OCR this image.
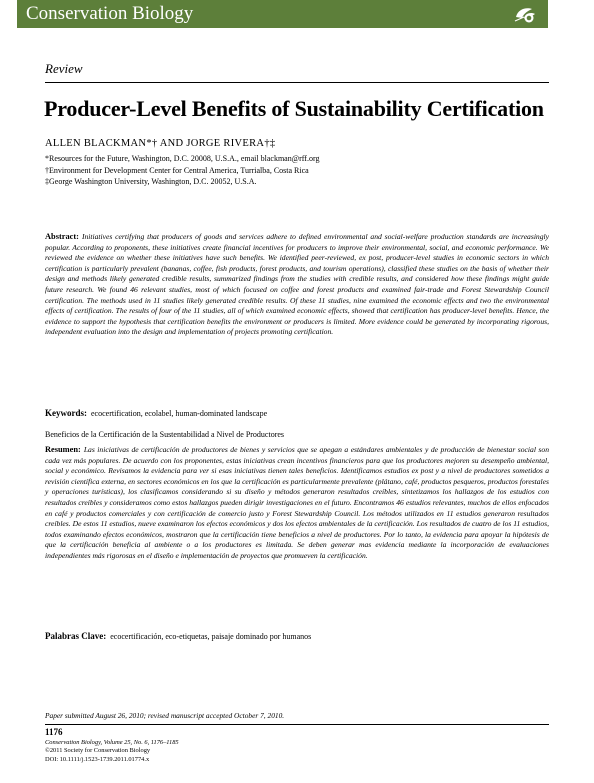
Conservation Biology
Review
Producer-Level Benefits of Sustainability Certification
ALLEN BLACKMAN*† AND JORGE RIVERA†‡
*Resources for the Future, Washington, D.C. 20008, U.S.A., email blackman@rff.org
†Environment for Development Center for Central America, Turrialba, Costa Rica
‡George Washington University, Washington, D.C. 20052, U.S.A.
Abstract: Initiatives certifying that producers of goods and services adhere to defined environmental and social-welfare production standards are increasingly popular. According to proponents, these initiatives create financial incentives for producers to improve their environmental, social, and economic performance. We reviewed the evidence on whether these initiatives have such benefits. We identified peer-reviewed, ex post, producer-level studies in economic sectors in which certification is particularly prevalent (bananas, coffee, fish products, forest products, and tourism operations), classified these studies on the basis of whether their design and methods likely generated credible results, summarized findings from the studies with credible results, and considered how these findings might guide future research. We found 46 relevant studies, most of which focused on coffee and forest products and examined fair-trade and Forest Stewardship Council certification. The methods used in 11 studies likely generated credible results. Of these 11 studies, nine examined the economic effects and two the environmental effects of certification. The results of four of the 11 studies, all of which examined economic effects, showed that certification has producer-level benefits. Hence, the evidence to support the hypothesis that certification benefits the environment or producers is limited. More evidence could be generated by incorporating rigorous, independent evaluation into the design and implementation of projects promoting certification.
Keywords: ecocertification, ecolabel, human-dominated landscape
Beneficios de la Certificación de la Sustentabilidad a Nivel de Productores
Resumen: Las iniciativas de certificación de productores de bienes y servicios que se apegan a estándares ambientales y de producción de bienestar social son cada vez más populares. De acuerdo con los proponentes, estas iniciativas crean incentivos financieros para que los productores mejoren su desempeño ambiental, social y económico. Revisamos la evidencia para ver si esas iniciativas tienen tales beneficios. Identificamos estudios ex post y a nivel de productores sometidos a revisión científica externa, en sectores económicos en los que la certificación es particularmente prevalente (plátano, café, productos pesqueros, productos forestales y operaciones turísticas), los clasificamos considerando si su diseño y métodos generaron resultados creíbles, sintetizamos los hallazgos de los estudios con resultados creíbles y consideramos como estos hallazgos pueden dirigir investigaciones en el futuro. Encontramos 46 estudios relevantes, muchos de ellos enfocados en café y productos comerciales y con certificación de comercio justo y Forest Stewardship Council. Los métodos utilizados en 11 estudios generaron resultados creíbles. De estos 11 estudios, nueve examinaron los efectos económicos y dos los efectos ambientales de la certificación. Los resultados de cuatro de los 11 estudios, todos examinando efectos económicos, mostraron que la certificación tiene beneficios a nivel de productores. Por lo tanto, la evidencia para apoyar la hipótesis de que la certificación beneficia al ambiente o a los productores es limitada. Se deben generar mas evidencia mediante la incorporación de evaluaciones independientes más rigorosas en el diseño e implementación de proyectos que promueven la certificación.
Palabras Clave: ecocertificación, eco-etiquetas, paisaje dominado por humanos
Paper submitted August 26, 2010; revised manuscript accepted October 7, 2010.
1176
Conservation Biology, Volume 25, No. 6, 1176–1185
©2011 Society for Conservation Biology
DOI: 10.1111/j.1523-1739.2011.01774.x
